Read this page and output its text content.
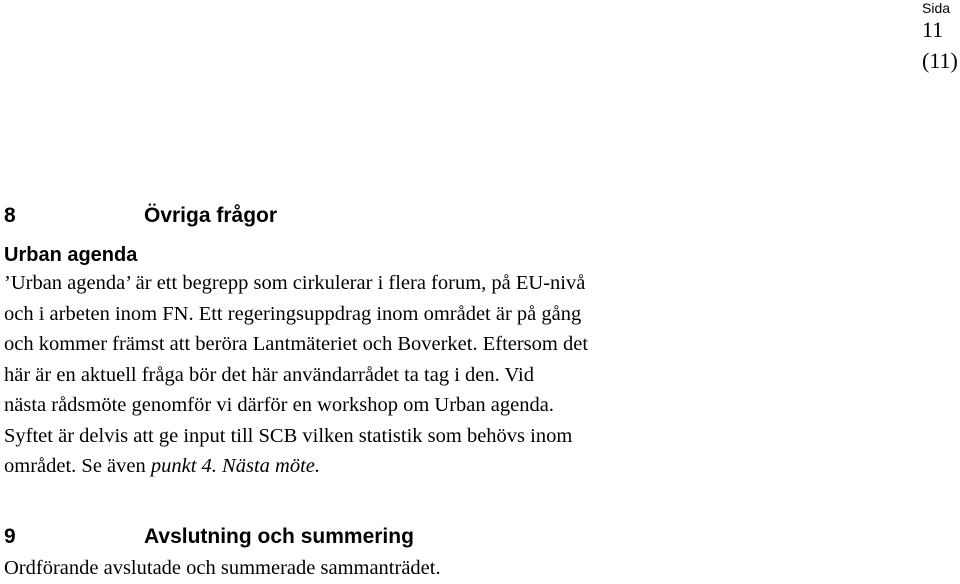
Sida
11
(11)
8	Övriga frågor
Urban agenda
’Urban agenda’ är ett begrepp som cirkulerar i flera forum, på EU-nivå
och i arbeten inom FN. Ett regeringsuppdrag inom området är på gång
och kommer främst att beröra Lantmäteriet och Boverket. Eftersom det
här är en aktuell fråga bör det här användarrådet ta tag i den. Vid
nästa rådsmöte genomför vi därför en workshop om Urban agenda.
Syftet är delvis att ge input till SCB vilken statistik som behövs inom
området. Se även punkt 4. Nästa möte.
9	Avslutning och summering
Ordförande avslutade och summerade sammanträdet.
